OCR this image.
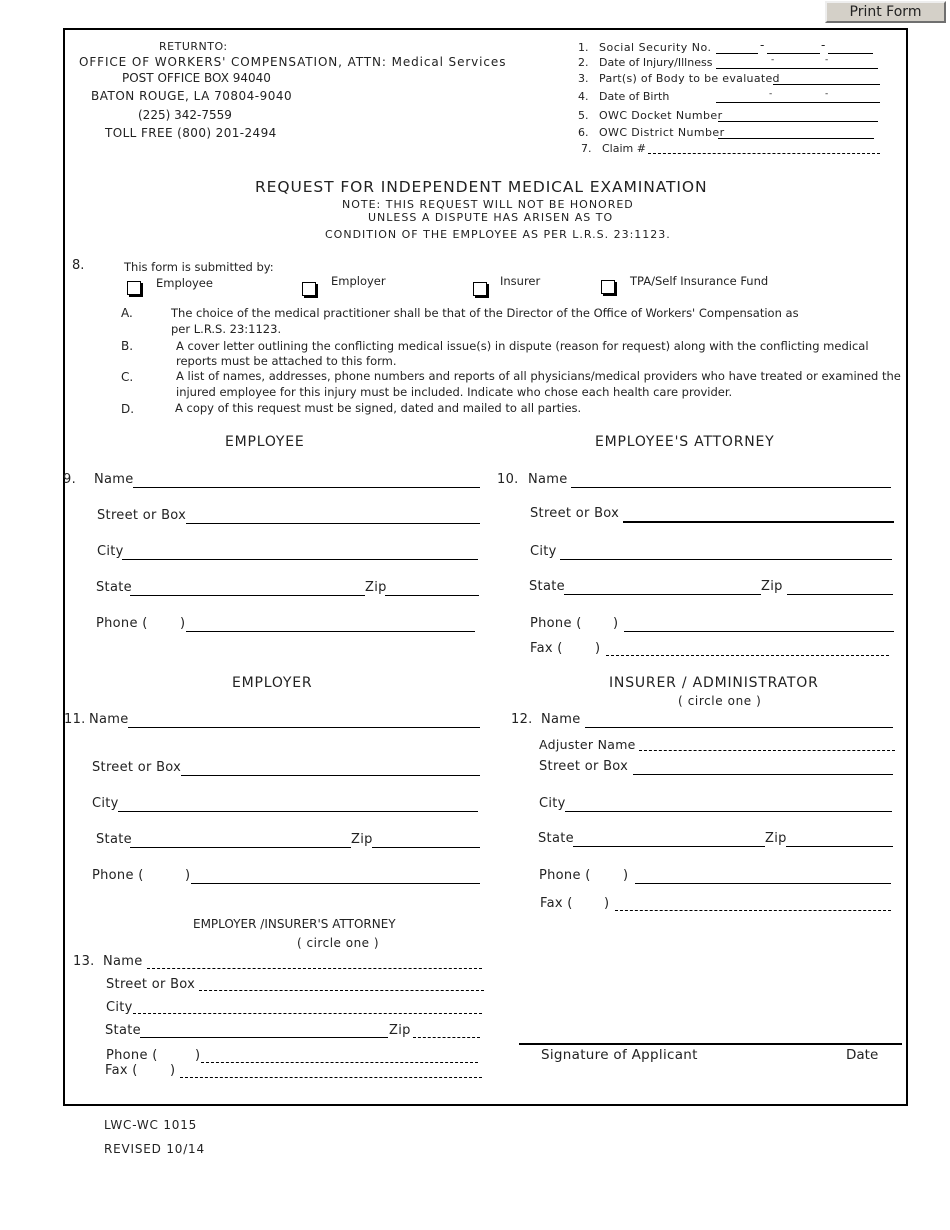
Print Form
RETURNTO:
OFFICE OF WORKERS' COMPENSATION, ATTN: Medical Services
POST OFFICE BOX 94040
BATON ROUGE, LA 70804-9040
(225) 342-7559
TOLL FREE (800) 201-2494
1. Social Security No.	-	-
2. Date of Injury/Illness	-	-
3. Part(s) of Body to be evaluated
4. Date of Birth	-	-
5. OWC Docket Number
6. OWC District Number
7. Claim #
REQUEST FOR INDEPENDENT MEDICAL EXAMINATION
NOTE: THIS REQUEST WILL NOT BE HONORED
UNLESS A DISPUTE HAS ARISEN AS TO
CONDITION OF THE EMPLOYEE AS PER L.R.S. 23:1123.
8.	This form is submitted by:
Employee	Employer	Insurer	TPA/Self Insurance Fund
A.	The choice of the medical practitioner shall be that of the Director of the Office of Workers' Compensation as
per L.R.S. 23:1123.
B.	A cover letter outlining the conflicting medical issue(s) in dispute (reason for request) along with the conflicting medical
reports must be attached to this form.
C.	A list of names, addresses, phone numbers and reports of all physicians/medical providers who have treated or examined the
injured employee for this injury must be included. Indicate who chose each health care provider.
D.	A copy of this request must be signed, dated and mailed to all parties.
EMPLOYEE
9. Name
Street or Box
City
State	Zip
Phone ( )
EMPLOYEE'S ATTORNEY
10. Name
Street or Box
City
State	Zip
Phone ( )
Fax ( )
EMPLOYER
11. Name
Street or Box
City
State	Zip
Phone (	)
INSURER / ADMINISTRATOR
( circle one )
12. Name
Adjuster Name
Street or Box
City
State	Zip
Phone ( )
Fax ( )
EMPLOYER /INSURER'S ATTORNEY
( circle one )
13. Name
Street or Box
City
State	Zip
Phone (	)
Fax ( )
Signature of Applicant	Date
LWC-WC 1015
REVISED 10/14
